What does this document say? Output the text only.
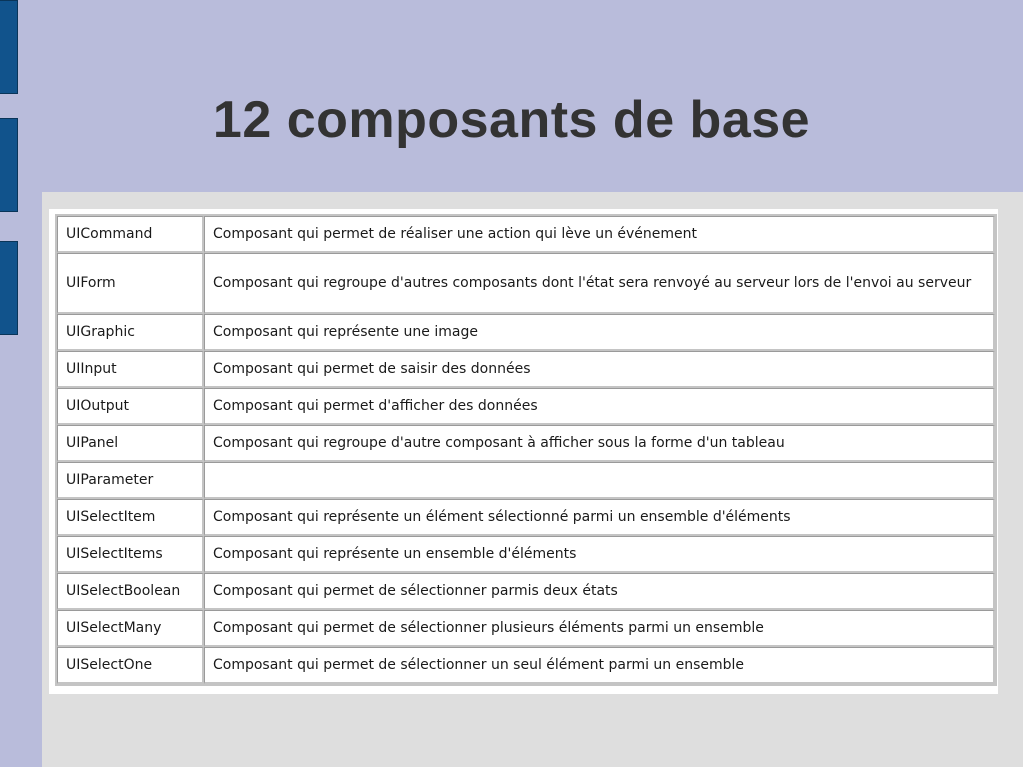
12 composants de base
UICommand	Composant qui permet de réaliser une action qui lève un événement
UIForm	Composant qui regroupe d'autres composants dont l'état sera renvoyé au serveur lors de l'envoi au serveur
UIGraphic	Composant qui représente une image
UIInput	Composant qui permet de saisir des données
UIOutput	Composant qui permet d'afficher des données
UIPanel	Composant qui regroupe d'autre composant à afficher sous la forme d'un tableau
UIParameter	
UISelectItem	Composant qui représente un élément sélectionné parmi un ensemble d'éléments
UISelectItems	Composant qui représente un ensemble d'éléments
UISelectBoolean	Composant qui permet de sélectionner parmis deux états
UISelectMany	Composant qui permet de sélectionner plusieurs éléments parmi un ensemble
UISelectOne	Composant qui permet de sélectionner un seul élément parmi un ensemble
